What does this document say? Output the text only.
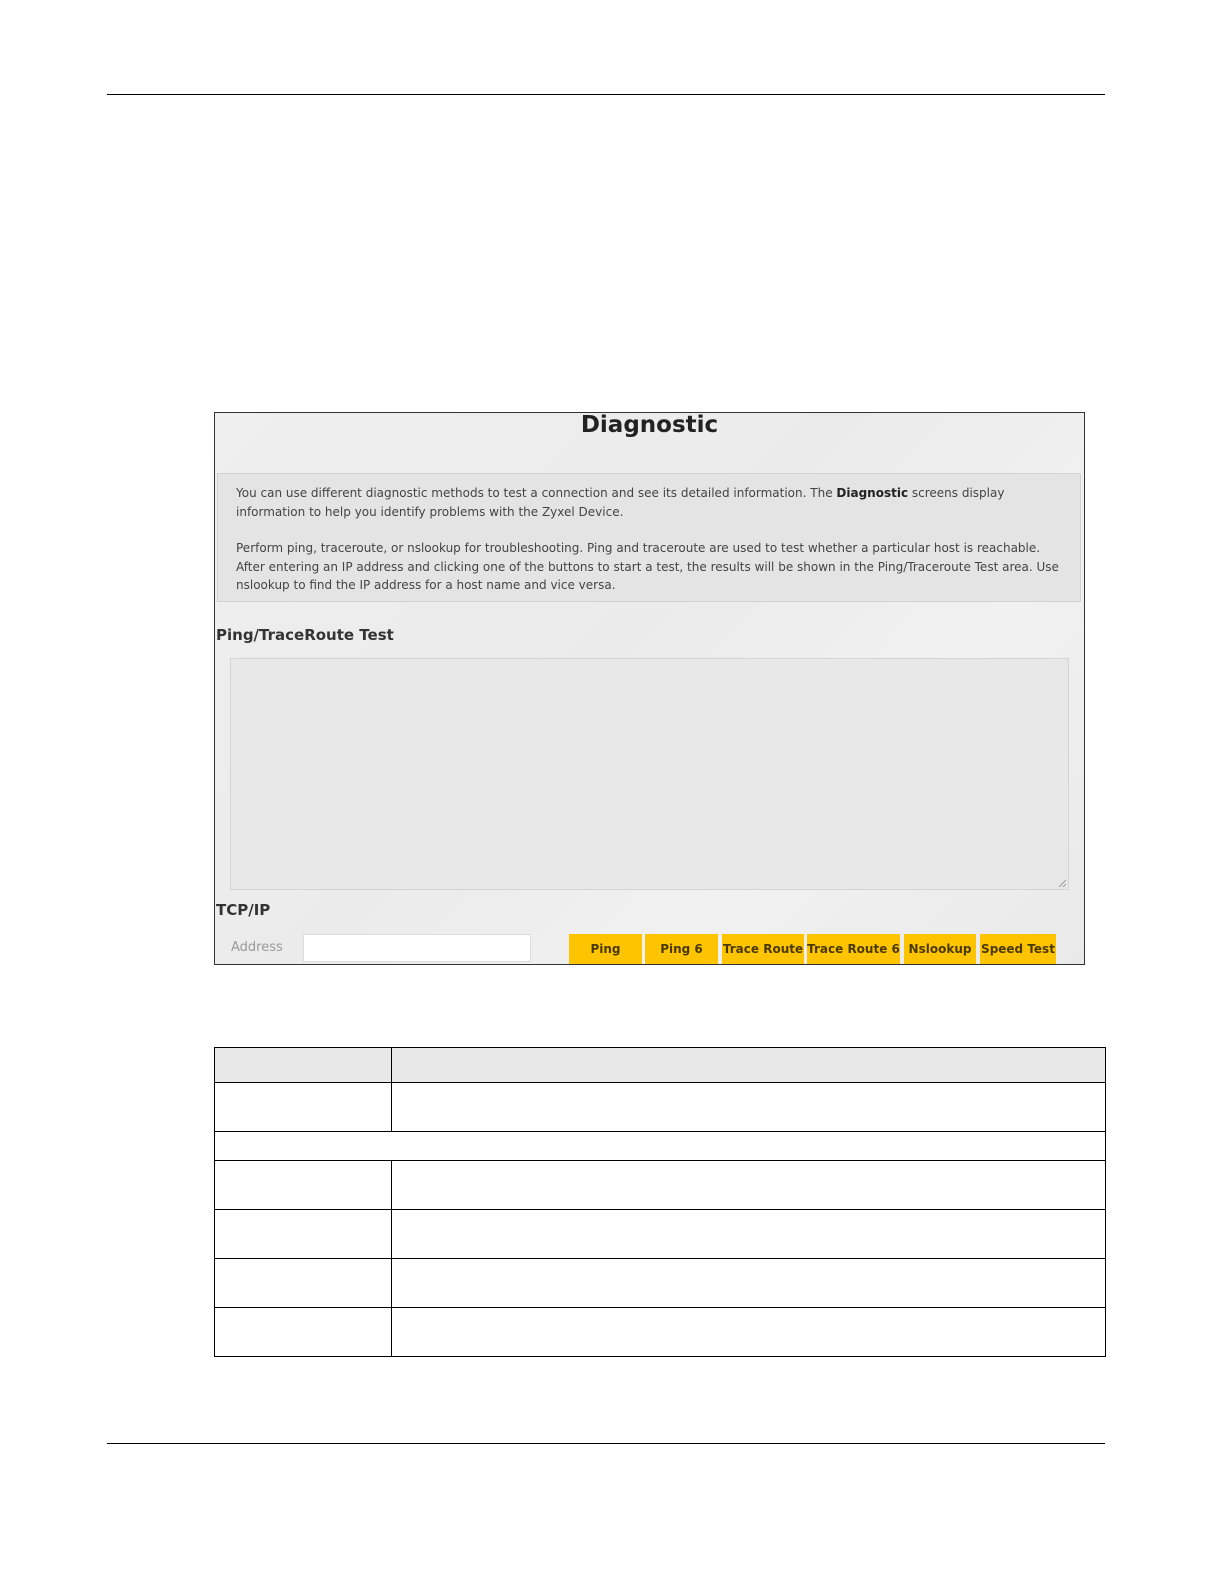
Diagnostic

You can use different diagnostic methods to test a connection and see its detailed information. The Diagnostic screens display information to help you identify problems with the Zyxel Device.

Perform ping, traceroute, or nslookup for troubleshooting. Ping and traceroute are used to test whether a particular host is reachable. After entering an IP address and clicking one of the buttons to start a test, the results will be shown in the Ping/Traceroute Test area. Use nslookup to find the IP address for a host name and vice versa.

Ping/TraceRoute Test
TCP/IP
Address	Ping	Ping 6	Trace Route Trace Route 6 Nslookup Speed Test
